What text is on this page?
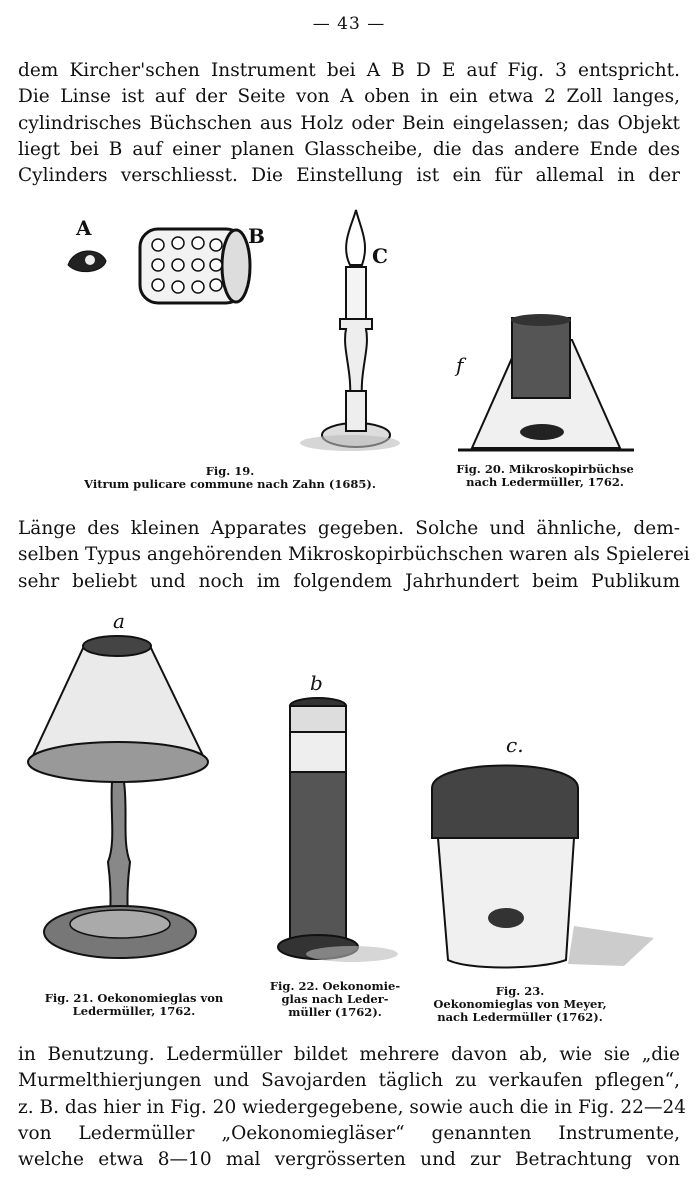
— 43 —
dem Kircher'schen Instrument bei A B D E auf Fig. 3 entspricht.
Die Linse ist auf der Seite von A oben in ein etwa 2 Zoll langes,
cylindrisches Büchschen aus Holz oder Bein eingelassen; das Objekt
liegt bei B auf einer planen Glasscheibe, die das andere Ende des
Cylinders verschliesst. Die Einstellung ist ein für allemal in der
A	B
C
f
Fig. 19.
Vitrum pulicare commune nach Zahn (1685).
Fig. 20. Mikroskopirbüchse
nach Ledermüller, 1762.
Länge des kleinen Apparates gegeben. Solche und ähnliche, dem-
selben Typus angehörenden Mikroskopirbüchschen waren als Spielerei
sehr beliebt und noch im folgendem Jahrhundert beim Publikum
a
b
c.
Fig. 21. Oekonomieglas von
Ledermüller, 1762.
Fig. 22. Oekonomie-
glas nach Leder-
müller (1762).
Fig. 23.
Oekonomieglas von Meyer,
nach Ledermüller (1762).
in Benutzung. Ledermüller bildet mehrere davon ab, wie sie „die
Murmelthierjungen und Savojarden täglich zu verkaufen pflegen“,
z. B. das hier in Fig. 20 wiedergegebene, sowie auch die in Fig. 22—24
von Ledermüller „Oekonomiegläser“ genannten Instrumente,
welche etwa 8—10 mal vergrösserten und zur Betrachtung von
